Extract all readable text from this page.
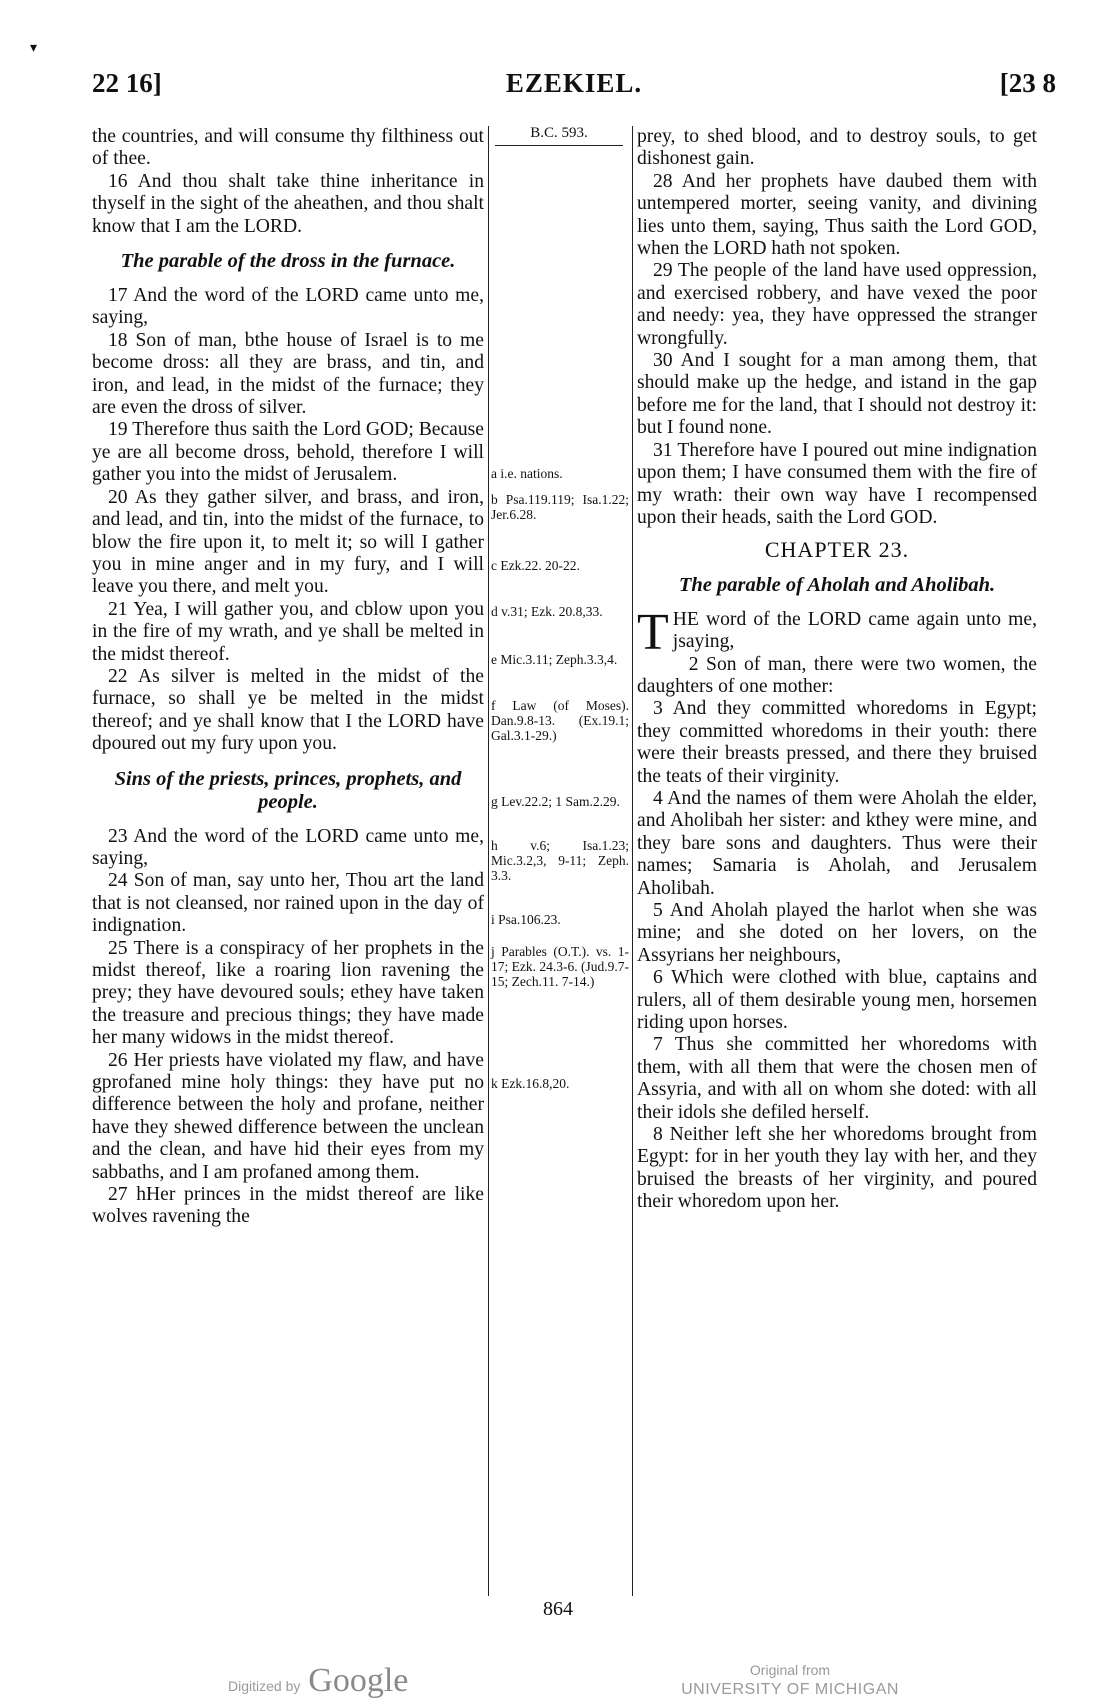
▾
22 16]	EZEKIEL.	[23 8

the countries, and will consume thy filthiness out of thee.

16 And thou shalt take thine inheritance in thyself in the sight of the aheathen, and thou shalt know that I am the LORD.

The parable of the dross in the furnace.

17 And the word of the LORD came unto me, saying,

18 Son of man, bthe house of Israel is to me become dross: all they are brass, and tin, and iron, and lead, in the midst of the furnace; they are even the dross of silver.

19 Therefore thus saith the Lord GOD; Because ye are all become dross, behold, therefore I will gather you into the midst of Jerusalem.

20 As they gather silver, and brass, and iron, and lead, and tin, into the midst of the furnace, to blow the fire upon it, to melt it; so will I gather you in mine anger and in my fury, and I will leave you there, and melt you.

21 Yea, I will gather you, and cblow upon you in the fire of my wrath, and ye shall be melted in the midst thereof.

22 As silver is melted in the midst of the furnace, so shall ye be melted in the midst thereof; and ye shall know that I the LORD have dpoured out my fury upon you.

Sins of the priests, princes, prophets, and people.

23 And the word of the LORD came unto me, saying,

24 Son of man, say unto her, Thou art the land that is not cleansed, nor rained upon in the day of indignation.

25 There is a conspiracy of her prophets in the midst thereof, like a roaring lion ravening the prey; they have devoured souls; ethey have taken the treasure and precious things; they have made her many widows in the midst thereof.

26 Her priests have violated my flaw, and have gprofaned mine holy things: they have put no difference between the holy and profane, neither have they shewed difference between the unclean and the clean, and have hid their eyes from my sabbaths, and I am profaned among them.

27 hHer princes in the midst thereof are like wolves ravening the

B.C. 593.
a i.e. nations.
b Psa.119.119; Isa.1.22; Jer.6.28.
c Ezk.22. 20-22.
d v.31; Ezk. 20.8,33.
e Mic.3.11; Zeph.3.3,4.
f Law (of Moses). Dan.9.8-13. (Ex.19.1; Gal.3.1-29.)
g Lev.22.2; 1 Sam.2.29.
h v.6; Isa.1.23; Mic.3.2,3, 9-11; Zeph. 3.3.
i Psa.106.23.
j Parables (O.T.). vs. 1-17; Ezk. 24.3-6. (Jud.9.7-15; Zech.11. 7-14.)
k Ezk.16.8,20.

prey, to shed blood, and to destroy souls, to get dishonest gain.

28 And her prophets have daubed them with untempered morter, seeing vanity, and divining lies unto them, saying, Thus saith the Lord GOD, when the LORD hath not spoken.

29 The people of the land have used oppression, and exercised robbery, and have vexed the poor and needy: yea, they have oppressed the stranger wrongfully.

30 And I sought for a man among them, that should make up the hedge, and istand in the gap before me for the land, that I should not destroy it: but I found none.

31 Therefore have I poured out mine indignation upon them; I have consumed them with the fire of my wrath: their own way have I recompensed upon their heads, saith the Lord GOD.

CHAPTER 23.
The parable of Aholah and Aholibah.

THE word of the LORD came again unto me, jsaying,

2 Son of man, there were two women, the daughters of one mother:

3 And they committed whoredoms in Egypt; they committed whoredoms in their youth: there were their breasts pressed, and there they bruised the teats of their virginity.

4 And the names of them were Aholah the elder, and Aholibah her sister: and kthey were mine, and they bare sons and daughters. Thus were their names; Samaria is Aholah, and Jerusalem Aholibah.

5 And Aholah played the harlot when she was mine; and she doted on her lovers, on the Assyrians her neighbours,

6 Which were clothed with blue, captains and rulers, all of them desirable young men, horsemen riding upon horses.

7 Thus she committed her whoredoms with them, with all them that were the chosen men of Assyria, and with all on whom she doted: with all their idols she defiled herself.

8 Neither left she her whoredoms brought from Egypt: for in her youth they lay with her, and they bruised the breasts of her virginity, and poured their whoredom upon her.

864
Digitized by Google	Original from
UNIVERSITY OF MICHIGAN
